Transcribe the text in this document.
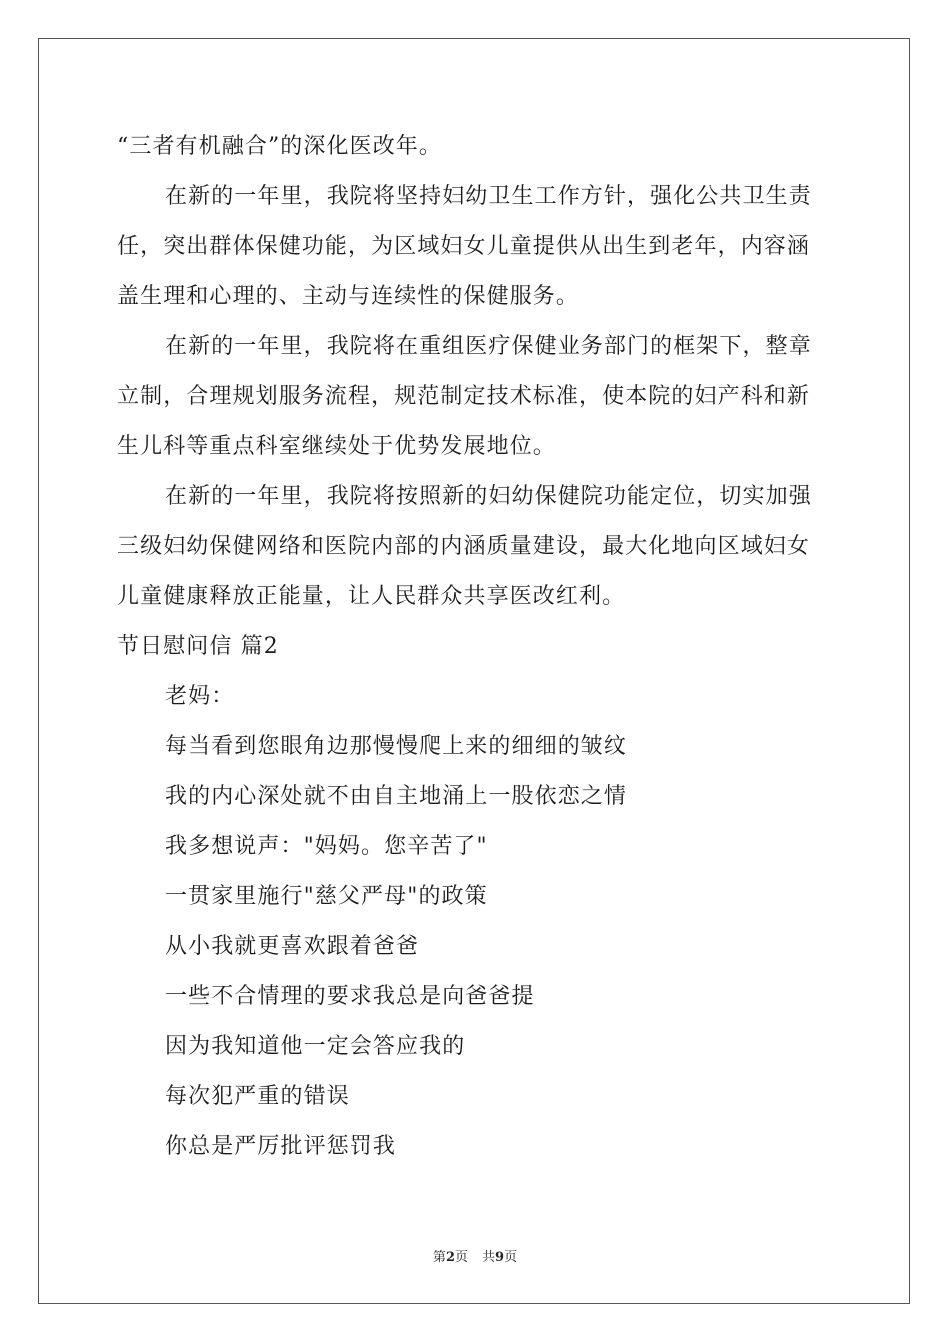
“三者有机融合”的深化医改年。
在新的一年里，我院将坚持妇幼卫生工作方针，强化公共卫生责
任，突出群体保健功能，为区域妇女儿童提供从出生到老年，内容涵
盖生理和心理的、主动与连续性的保健服务。
在新的一年里，我院将在重组医疗保健业务部门的框架下，整章
立制，合理规划服务流程，规范制定技术标准，使本院的妇产科和新
生儿科等重点科室继续处于优势发展地位。
在新的一年里，我院将按照新的妇幼保健院功能定位，切实加强
三级妇幼保健网络和医院内部的内涵质量建设，最大化地向区域妇女
儿童健康释放正能量，让人民群众共享医改红利。
节日慰问信 篇2
老妈：
每当看到您眼角边那慢慢爬上来的细细的皱纹
我的内心深处就不由自主地涌上一股依恋之情
我多想说声："妈妈。您辛苦了"
一贯家里施行"慈父严母"的政策
从小我就更喜欢跟着爸爸
一些不合情理的要求我总是向爸爸提
因为我知道他一定会答应我的
每次犯严重的错误
你总是严厉批评惩罚我
第2页 共9页
